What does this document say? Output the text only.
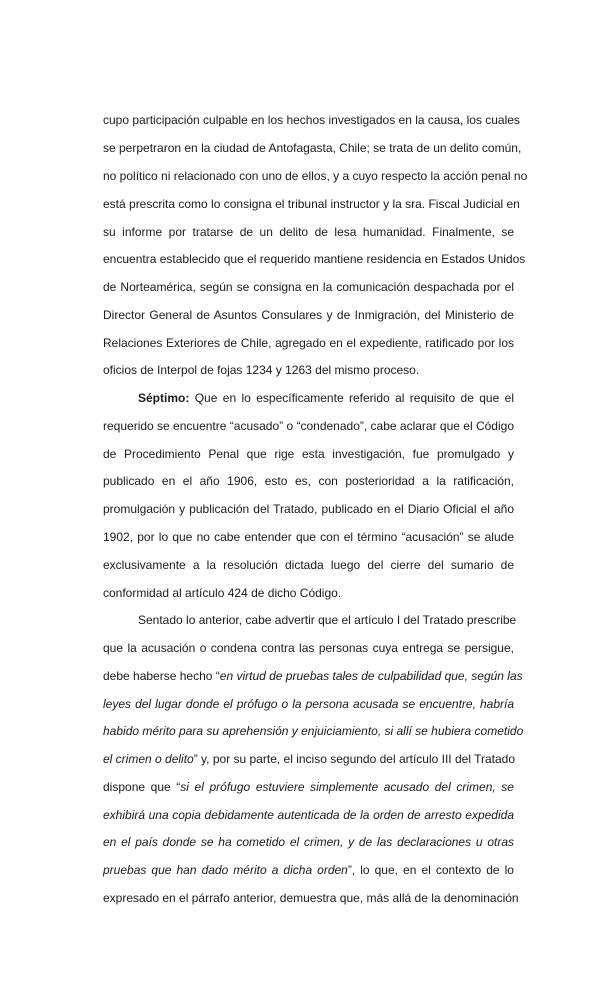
cupo participación culpable en los hechos investigados en la causa, los cuales
se perpetraron en la ciudad de Antofagasta, Chile; se trata de un delito común,
no político ni relacionado con uno de ellos, y a cuyo respecto la acción penal no
está prescrita como lo consigna el tribunal instructor y la sra. Fiscal Judicial en
su informe por tratarse de un delito de lesa humanidad. Finalmente, se
encuentra establecido que el requerido mantiene residencia en Estados Unidos
de Norteamérica, según se consigna en la comunicación despachada por el
Director General de Asuntos Consulares y de Inmigración, del Ministerio de
Relaciones Exteriores de Chile, agregado en el expediente, ratificado por los
oficios de Interpol de fojas 1234 y 1263 del mismo proceso.
Séptimo: Que en lo específicamente referido al requisito de que el
requerido se encuentre “acusado” o “condenado”, cabe aclarar que el Código
de Procedimiento Penal que rige esta investigación, fue promulgado y
publicado en el año 1906, esto es, con posterioridad a la ratificación,
promulgación y publicación del Tratado, publicado en el Diario Oficial el año
1902, por lo que no cabe entender que con el término “acusación” se alude
exclusivamente a la resolución dictada luego del cierre del sumario de
conformidad al artículo 424 de dicho Código.
Sentado lo anterior, cabe advertir que el artículo I del Tratado prescribe
que la acusación o condena contra las personas cuya entrega se persigue,
debe haberse hecho “en virtud de pruebas tales de culpabilidad que, según las
leyes del lugar donde el prófugo o la persona acusada se encuentre, habría
habido mérito para su aprehensión y enjuiciamiento, si allí se hubiera cometido
el crimen o delito” y, por su parte, el inciso segundo del artículo III del Tratado
dispone que “si el prófugo estuviere simplemente acusado del crimen, se
exhibirá una copia debidamente autenticada de la orden de arresto expedida
en el país donde se ha cometido el crimen, y de las declaraciones u otras
pruebas que han dado mérito a dicha orden”, lo que, en el contexto de lo
expresado en el párrafo anterior, demuestra que, más allá de la denominación
